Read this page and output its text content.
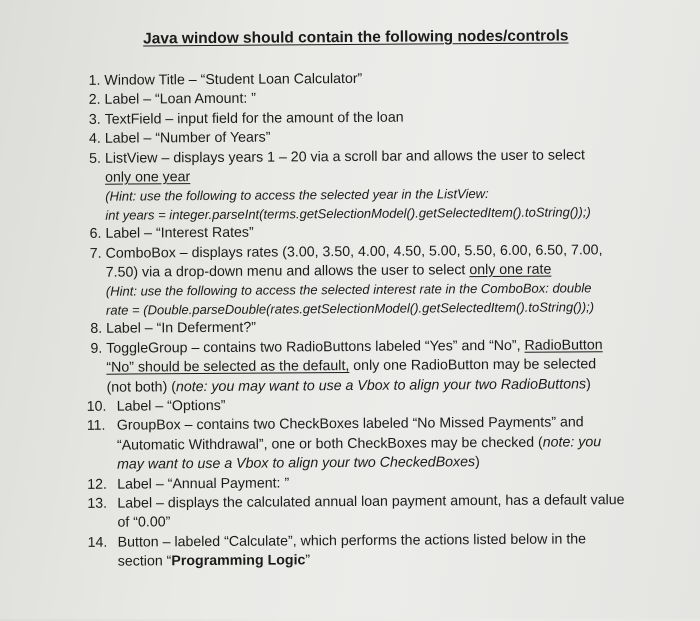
Java window should contain the following nodes/controls
1. Window Title – “Student Loan Calculator”
2. Label – “Loan Amount: ”
3. TextField – input field for the amount of the loan
4. Label – “Number of Years”
5. ListView – displays years 1 – 20 via a scroll bar and allows the user to select
only one year
(Hint: use the following to access the selected year in the ListView:
int years = integer.parseInt(terms.getSelectionModel().getSelectedItem().toString());)
6. Label – “Interest Rates”
7. ComboBox – displays rates (3.00, 3.50, 4.00, 4.50, 5.00, 5.50, 6.00, 6.50, 7.00,
7.50) via a drop-down menu and allows the user to select only one rate
(Hint: use the following to access the selected interest rate in the ComboBox: double
rate = (Double.parseDouble(rates.getSelectionModel().getSelectedItem().toString());)
8. Label – “In Deferment?”
9. ToggleGroup – contains two RadioButtons labeled “Yes” and “No”, RadioButton
“No” should be selected as the default, only one RadioButton may be selected
(not both) (note: you may want to use a Vbox to align your two RadioButtons)
10. Label – “Options”
11. GroupBox – contains two CheckBoxes labeled “No Missed Payments” and
“Automatic Withdrawal”, one or both CheckBoxes may be checked (note: you
may want to use a Vbox to align your two CheckedBoxes)
12. Label – “Annual Payment: ”
13. Label – displays the calculated annual loan payment amount, has a default value
of “0.00”
14. Button – labeled “Calculate”, which performs the actions listed below in the
section “Programming Logic”
